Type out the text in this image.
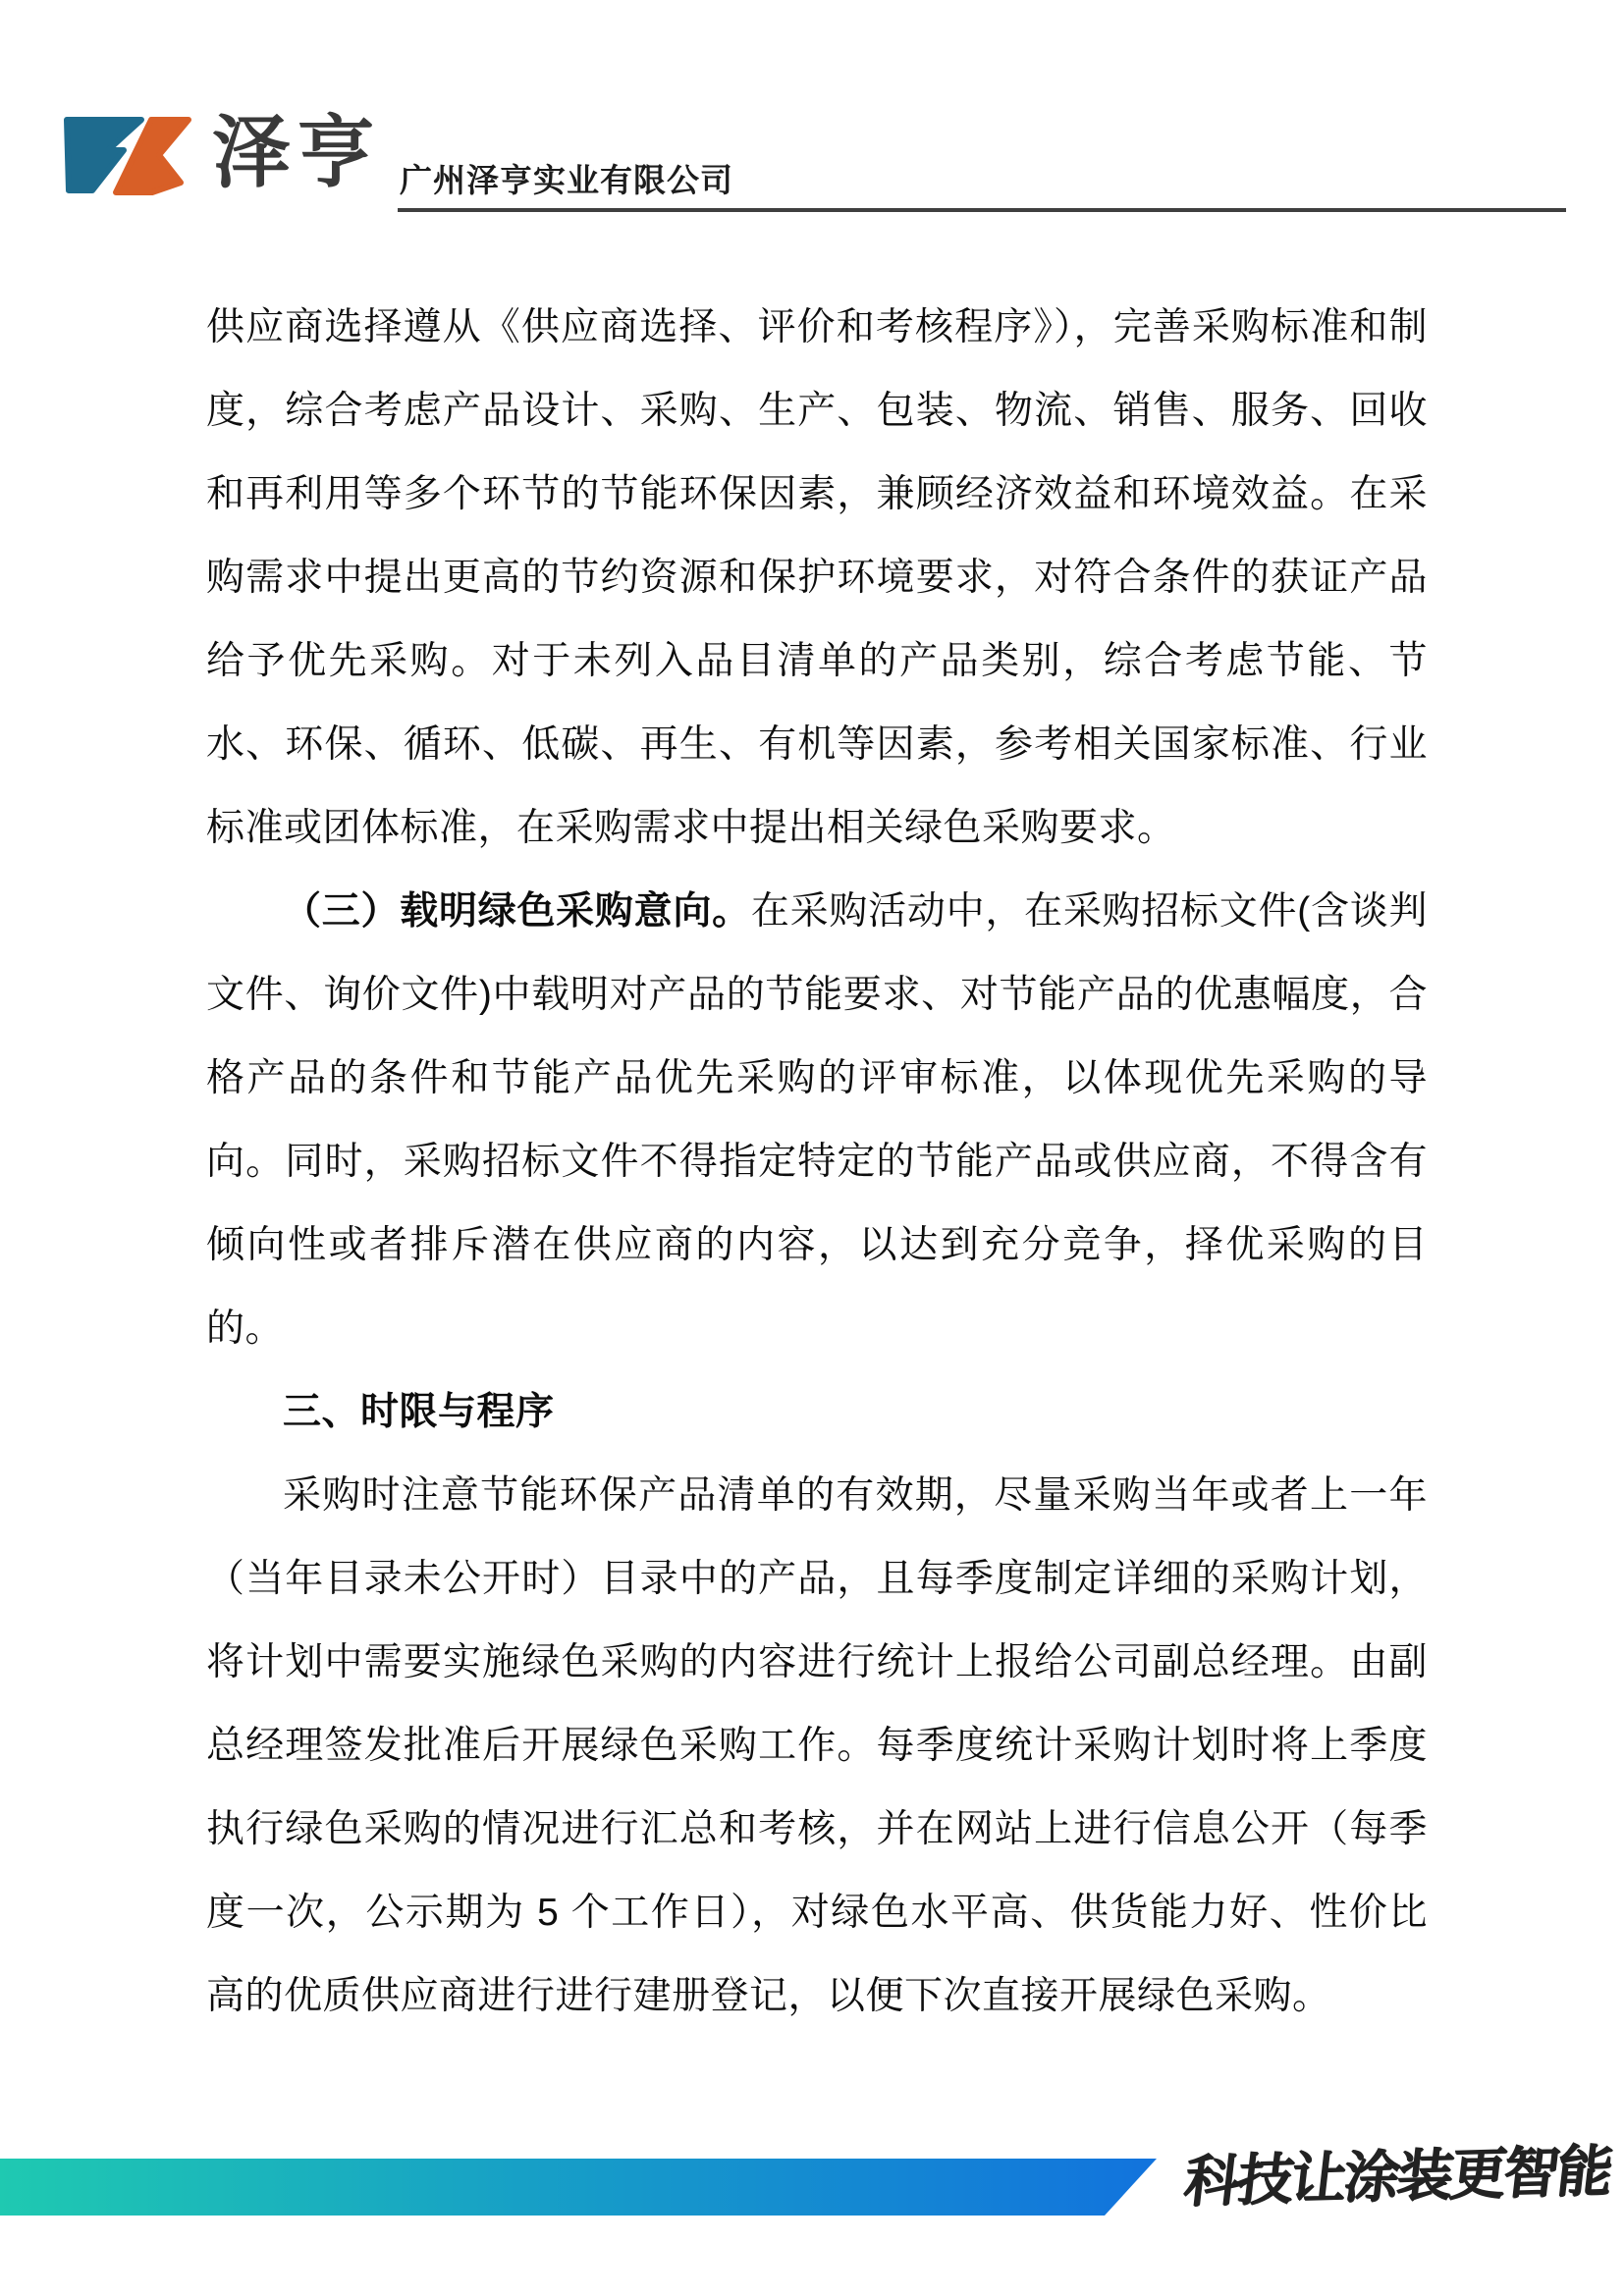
泽亨 广州泽亨实业有限公司

供应商选择遵从《供应商选择、评价和考核程序》），完善采购标准和制度，综合考虑产品设计、采购、生产、包装、物流、销售、服务、回收和再利用等多个环节的节能环保因素，兼顾经济效益和环境效益。在采购需求中提出更高的节约资源和保护环境要求，对符合条件的获证产品给予优先采购。对于未列入品目清单的产品类别，综合考虑节能、节水、环保、循环、低碳、再生、有机等因素，参考相关国家标准、行业标准或团体标准，在采购需求中提出相关绿色采购要求。

（三）载明绿色采购意向。在采购活动中，在采购招标文件(含谈判文件、询价文件)中载明对产品的节能要求、对节能产品的优惠幅度，合格产品的条件和节能产品优先采购的评审标准，以体现优先采购的导向。同时，采购招标文件不得指定特定的节能产品或供应商，不得含有倾向性或者排斥潜在供应商的内容，以达到充分竞争，择优采购的目的。

三、时限与程序

采购时注意节能环保产品清单的有效期，尽量采购当年或者上一年（当年目录未公开时）目录中的产品，且每季度制定详细的采购计划，将计划中需要实施绿色采购的内容进行统计上报给公司副总经理。由副总经理签发批准后开展绿色采购工作。每季度统计采购计划时将上季度执行绿色采购的情况进行汇总和考核，并在网站上进行信息公开（每季度一次，公示期为 5 个工作日），对绿色水平高、供货能力好、性价比高的优质供应商进行进行建册登记，以便下次直接开展绿色采购。

科技让涂装更智能
